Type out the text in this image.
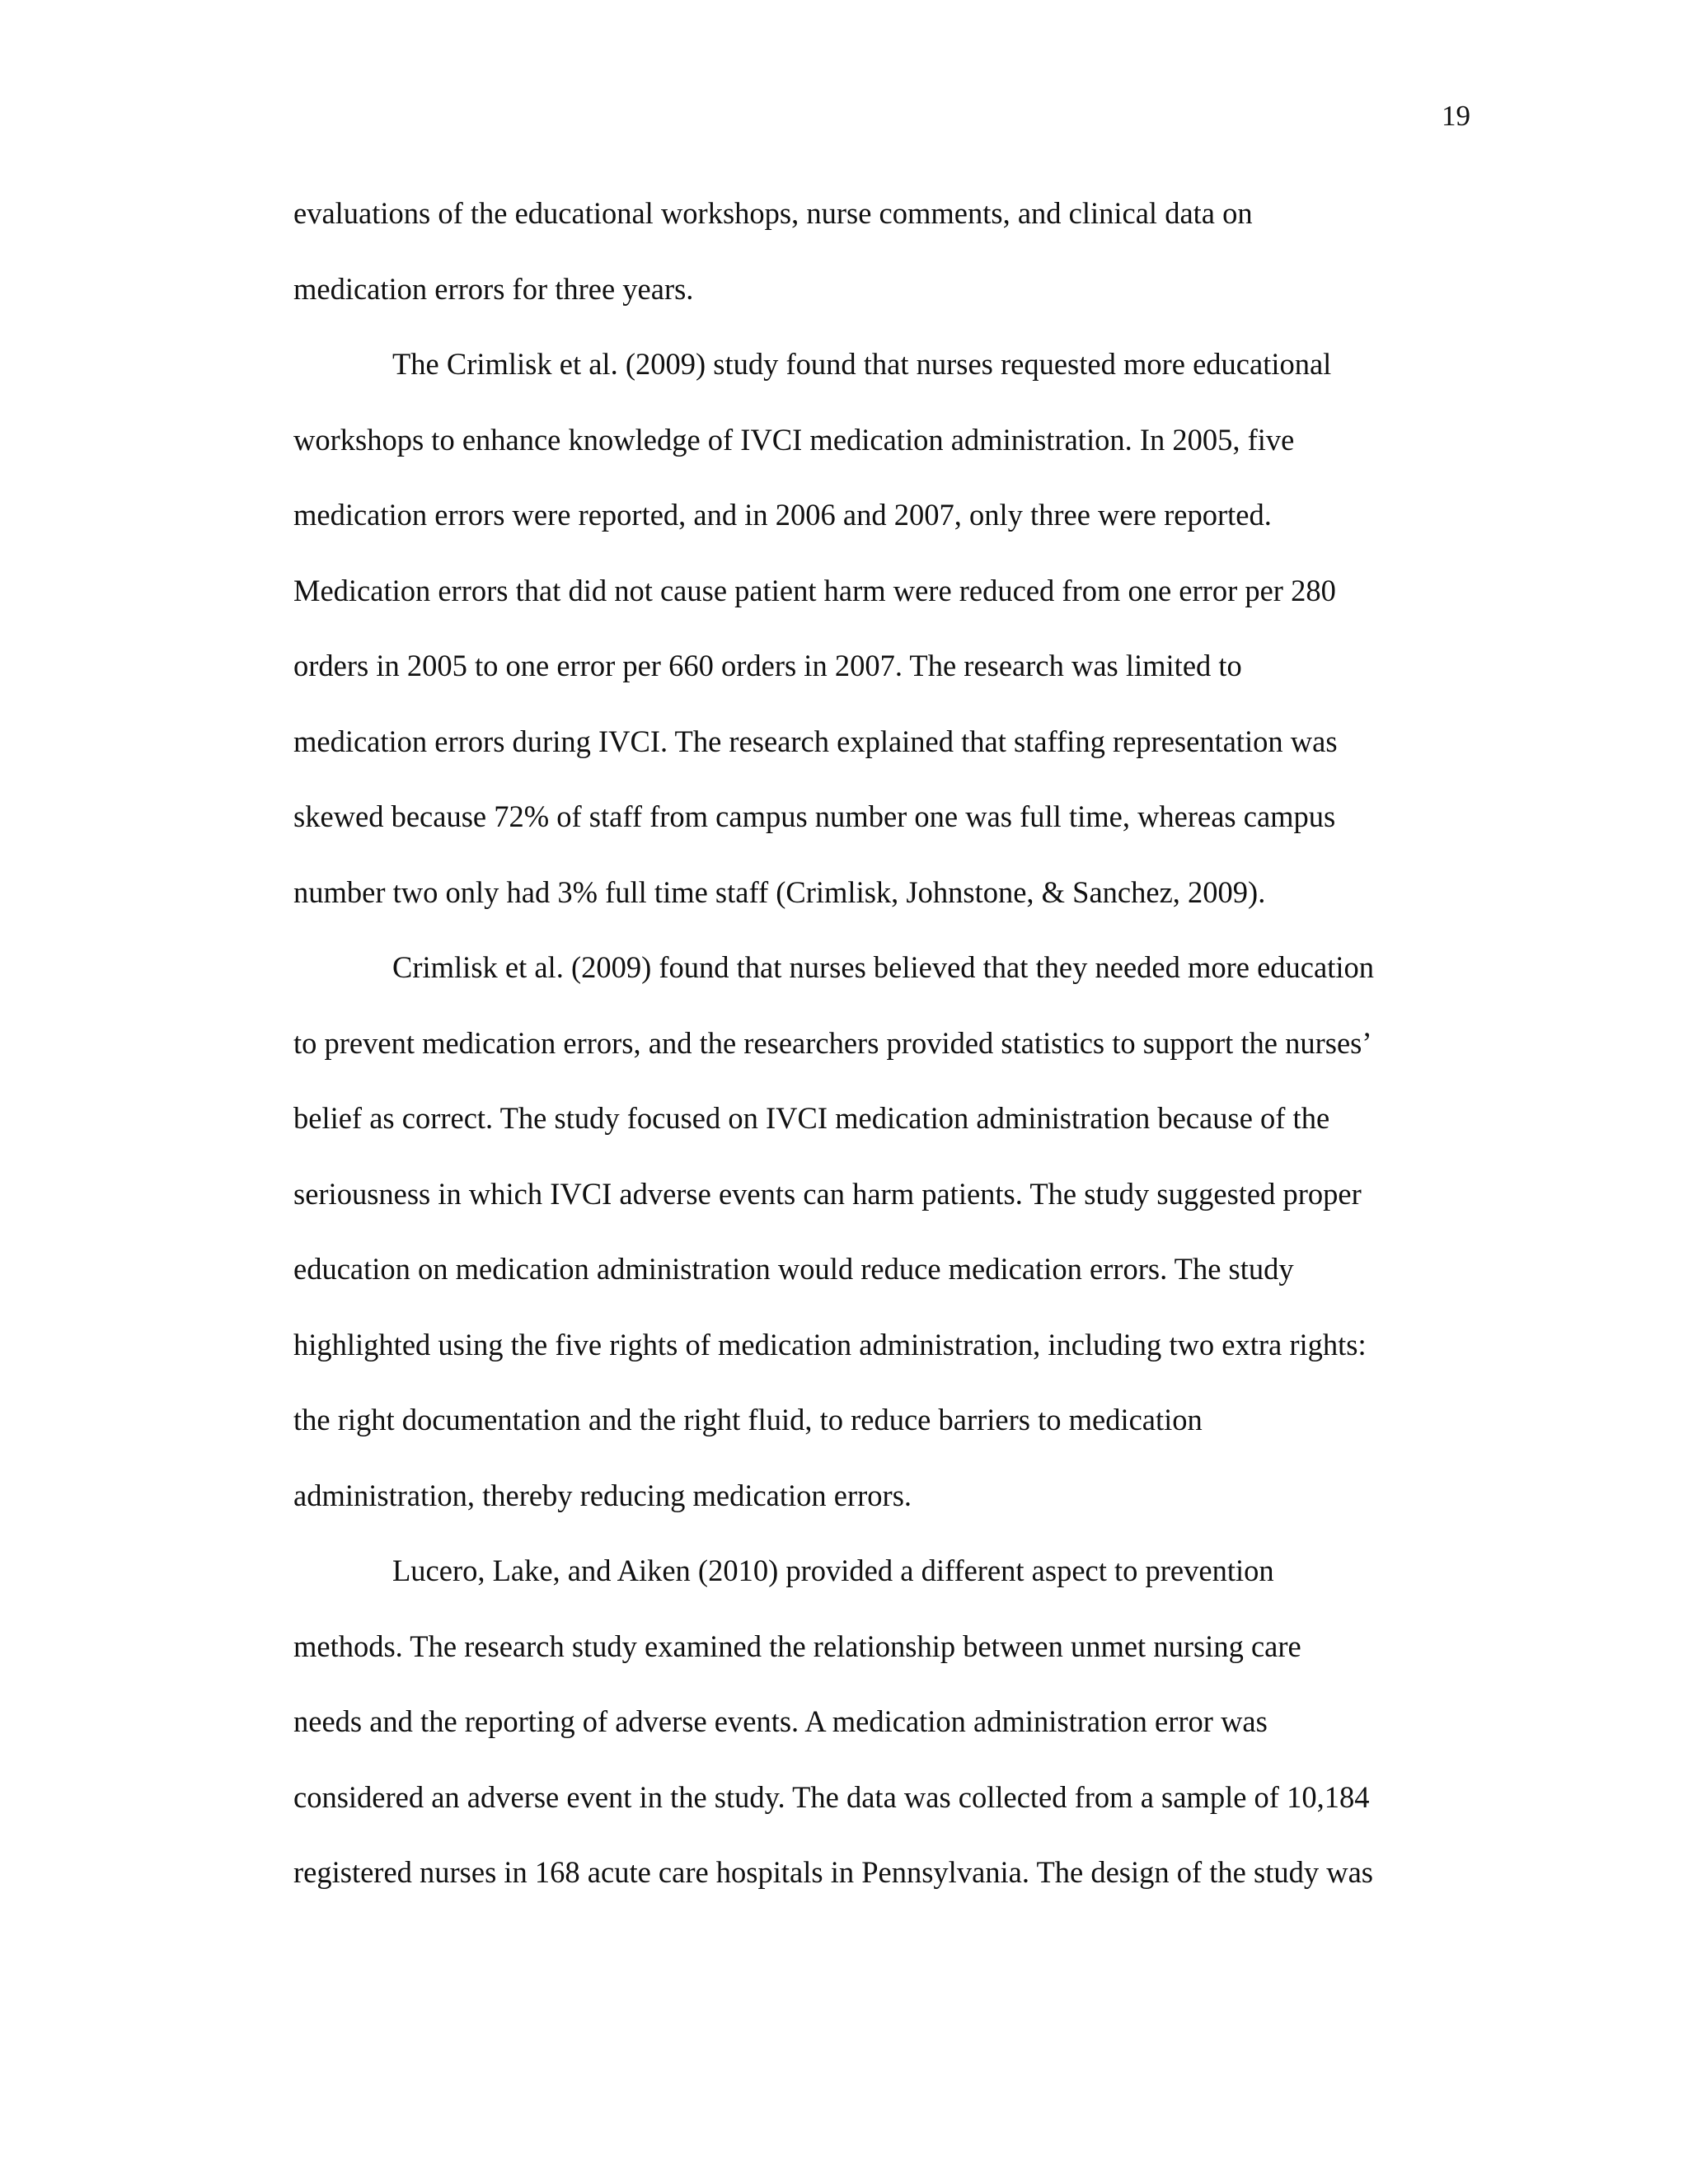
19
evaluations of the educational workshops, nurse comments, and clinical data on
medication errors for three years.
The Crimlisk et al. (2009) study found that nurses requested more educational
workshops to enhance knowledge of IVCI medication administration. In 2005, five
medication errors were reported, and in 2006 and 2007, only three were reported.
Medication errors that did not cause patient harm were reduced from one error per 280
orders in 2005 to one error per 660 orders in 2007. The research was limited to
medication errors during IVCI. The research explained that staffing representation was
skewed because 72% of staff from campus number one was full time, whereas campus
number two only had 3% full time staff (Crimlisk, Johnstone, & Sanchez, 2009).
Crimlisk et al. (2009) found that nurses believed that they needed more education
to prevent medication errors, and the researchers provided statistics to support the nurses’
belief as correct. The study focused on IVCI medication administration because of the
seriousness in which IVCI adverse events can harm patients. The study suggested proper
education on medication administration would reduce medication errors. The study
highlighted using the five rights of medication administration, including two extra rights:
the right documentation and the right fluid, to reduce barriers to medication
administration, thereby reducing medication errors.
Lucero, Lake, and Aiken (2010) provided a different aspect to prevention
methods. The research study examined the relationship between unmet nursing care
needs and the reporting of adverse events. A medication administration error was
considered an adverse event in the study. The data was collected from a sample of 10,184
registered nurses in 168 acute care hospitals in Pennsylvania. The design of the study was
